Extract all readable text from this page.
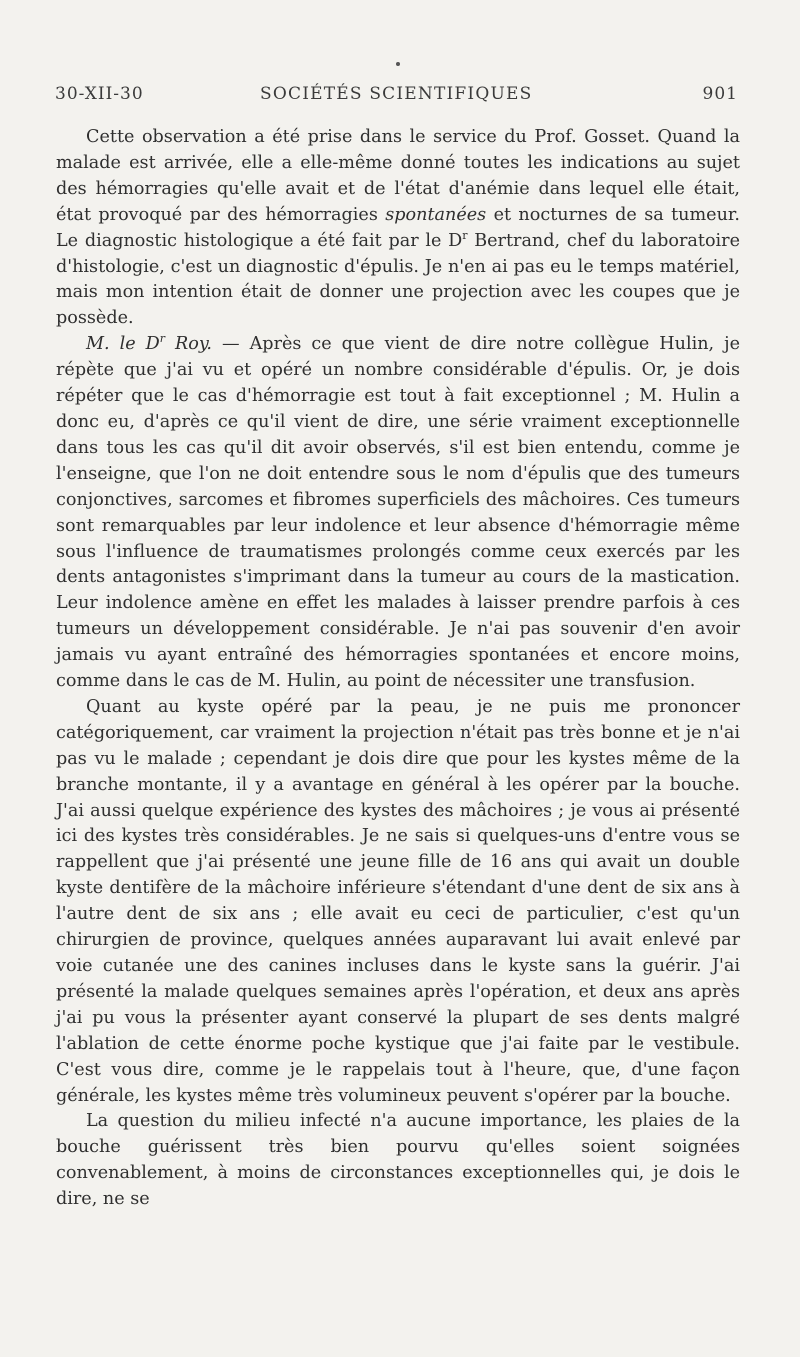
30-XII-30	SOCIÉTÉS SCIENTIFIQUES	901

Cette observation a été prise dans le service du Prof. Gosset. Quand la malade est arrivée, elle a elle-même donné toutes les indications au sujet des hémorragies qu'elle avait et de l'état d'anémie dans lequel elle était, état provoqué par des hémorragies spontanées et nocturnes de sa tumeur. Le diagnostic histologique a été fait par le $D^r$ Bertrand, chef du laboratoire d'histologie, c'est un diagnostic d'épulis. Je n'en ai pas eu le temps matériel, mais mon intention était de donner une projection avec les coupes que je possède.

M. le $D^r$ Roy. — Après ce que vient de dire notre collègue Hulin, je répète que j'ai vu et opéré un nombre considérable d'épulis. Or, je dois répéter que le cas d'hémorragie est tout à fait exceptionnel ; M. Hulin a donc eu, d'après ce qu'il vient de dire, une série vraiment exceptionnelle dans tous les cas qu'il dit avoir observés, s'il est bien entendu, comme je l'enseigne, que l'on ne doit entendre sous le nom d'épulis que des tumeurs conjonctives, sarcomes et fibromes superficiels des mâchoires. Ces tumeurs sont remarquables par leur indolence et leur absence d'hémorragie même sous l'influence de traumatismes prolongés comme ceux exercés par les dents antagonistes s'imprimant dans la tumeur au cours de la mastication. Leur indolence amène en effet les malades à laisser prendre parfois à ces tumeurs un développement considérable. Je n'ai pas souvenir d'en avoir jamais vu ayant entraîné des hémorragies spontanées et encore moins, comme dans le cas de M. Hulin, au point de nécessiter une transfusion.

Quant au kyste opéré par la peau, je ne puis me prononcer catégoriquement, car vraiment la projection n'était pas très bonne et je n'ai pas vu le malade ; cependant je dois dire que pour les kystes même de la branche montante, il y a avantage en général à les opérer par la bouche. J'ai aussi quelque expérience des kystes des mâchoires ; je vous ai présenté ici des kystes très considérables. Je ne sais si quelques-uns d'entre vous se rappellent que j'ai présenté une jeune fille de 16 ans qui avait un double kyste dentifère de la mâchoire inférieure s'étendant d'une dent de six ans à l'autre dent de six ans ; elle avait eu ceci de particulier, c'est qu'un chirurgien de province, quelques années auparavant lui avait enlevé par voie cutanée une des canines incluses dans le kyste sans la guérir. J'ai présenté la malade quelques semaines après l'opération, et deux ans après j'ai pu vous la présenter ayant conservé la plupart de ses dents malgré l'ablation de cette énorme poche kystique que j'ai faite par le vestibule. C'est vous dire, comme je le rappelais tout à l'heure, que, d'une façon générale, les kystes même très volumineux peuvent s'opérer par la bouche.

La question du milieu infecté n'a aucune importance, les plaies de la bouche guérissent très bien pourvu qu'elles soient soignées convenablement, à moins de circonstances exceptionnelles qui, je dois le dire, ne se
